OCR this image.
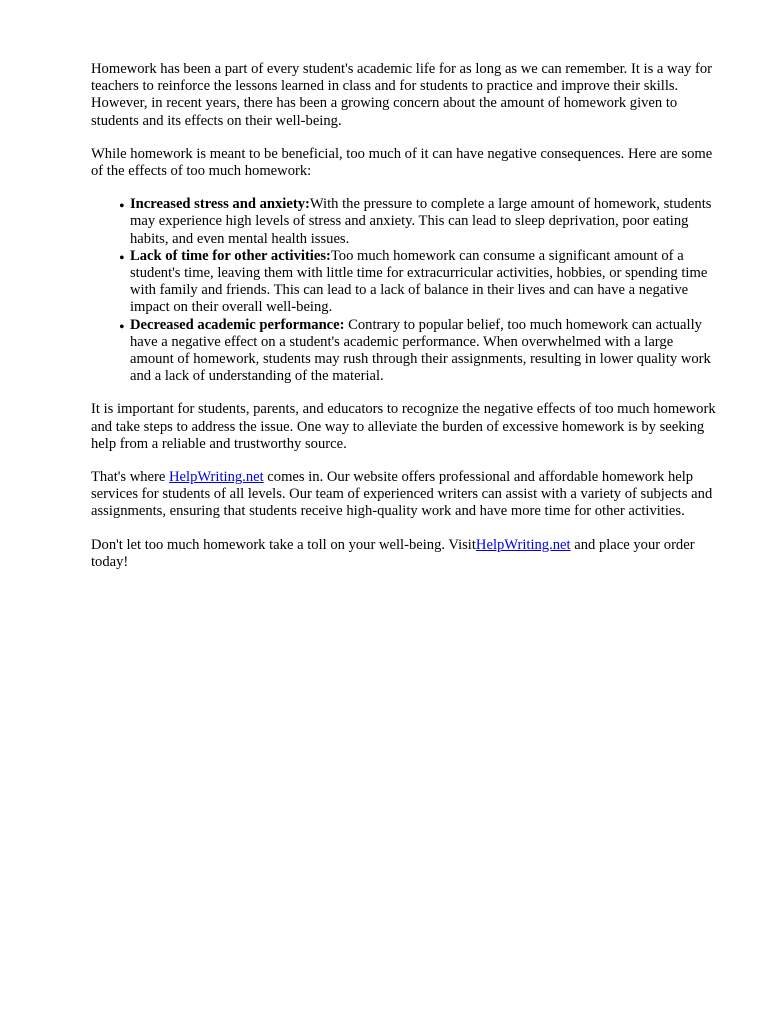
Homework has been a part of every student's academic life for as long as we can remember. It is a way for teachers to reinforce the lessons learned in class and for students to practice and improve their skills. However, in recent years, there has been a growing concern about the amount of homework given to students and its effects on their well-being.

While homework is meant to be beneficial, too much of it can have negative consequences. Here are some of the effects of too much homework:

• Increased stress and anxiety:With the pressure to complete a large amount of homework, students may experience high levels of stress and anxiety. This can lead to sleep deprivation, poor eating habits, and even mental health issues.
• Lack of time for other activities:Too much homework can consume a significant amount of a student's time, leaving them with little time for extracurricular activities, hobbies, or spending time with family and friends. This can lead to a lack of balance in their lives and can have a negative impact on their overall well-being.
• Decreased academic performance: Contrary to popular belief, too much homework can actually have a negative effect on a student's academic performance. When overwhelmed with a large amount of homework, students may rush through their assignments, resulting in lower quality work and a lack of understanding of the material.

It is important for students, parents, and educators to recognize the negative effects of too much homework and take steps to address the issue. One way to alleviate the burden of excessive homework is by seeking help from a reliable and trustworthy source.

That's where HelpWriting.net comes in. Our website offers professional and affordable homework help services for students of all levels. Our team of experienced writers can assist with a variety of subjects and assignments, ensuring that students receive high-quality work and have more time for other activities.

Don't let too much homework take a toll on your well-being. VisitHelpWriting.net and place your order today!
